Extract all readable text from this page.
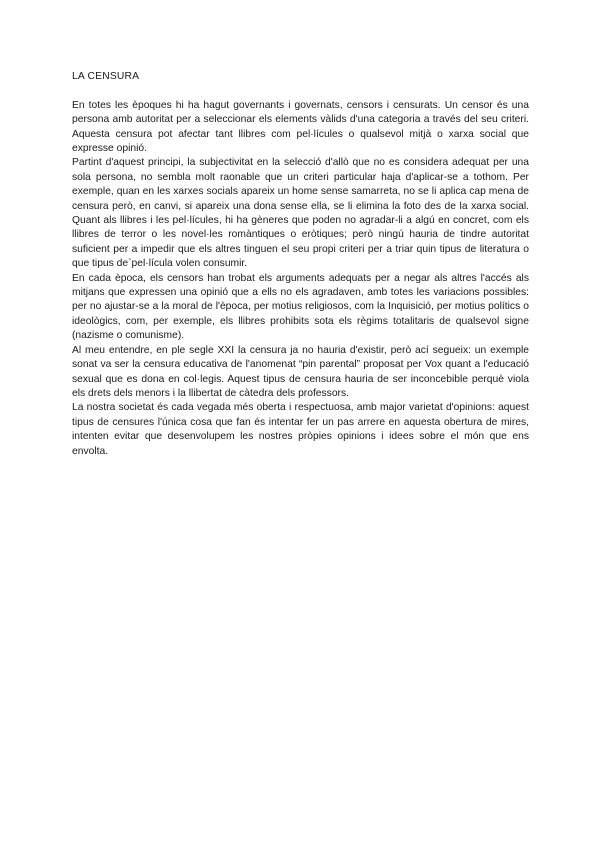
LA CENSURA

En totes les èpoques hi ha hagut governants i governats, censors i censurats. Un censor és una persona amb autoritat per a seleccionar els elements vàlids d'una categoria a través del seu criteri. Aquesta censura pot afectar tant llibres com pel·lícules o qualsevol mitjà o xarxa social que expresse opinió.

Partint d'aquest principi, la subjectivitat en la selecció d'allò que no es considera adequat per una sola persona, no sembla molt raonable que un criteri particular haja d'aplicar-se a tothom. Per exemple, quan en les xarxes socials apareix un home sense samarreta, no se li aplica cap mena de censura però, en canvi, si apareix una dona sense ella, se li elimina la foto des de la xarxa social. Quant als llibres i les pel·lícules, hi ha gèneres que poden no agradar-li a algú en concret, com els llibres de terror o les novel·les romàntiques o eròtiques; però ningú hauria de tindre autoritat suficient per a impedir que els altres tinguen el seu propi criteri per a triar quin tipus de literatura o que tipus de`pel·lícula volen consumir.

En cada època, els censors han trobat els arguments adequats per a negar als altres l'accés als mitjans que expressen una opinió que a ells no els agradaven, amb totes les variacions possibles: per no ajustar-se a la moral de l'època, per motius religiosos, com la Inquisició, per motius polítics o ideològics, com, per exemple, els llibres prohibits sota els règims totalitaris de qualsevol signe (nazisme o comunisme).

Al meu entendre, en ple segle XXI la censura ja no hauria d'existir, però ací segueix: un exemple sonat va ser la censura educativa de l'anomenat “pin parental” proposat per Vox quant a l'educació sexual que es dona en col·legis. Aquest tipus de censura hauria de ser inconcebible perquè viola els drets dels menors i la llibertat de càtedra dels professors.

La nostra societat és cada vegada més oberta i respectuosa, amb major varietat d'opinions: aquest tipus de censures l'única cosa que fan és intentar fer un pas arrere en aquesta obertura de mires, intenten evitar que desenvolupem les nostres pròpies opinions i idees sobre el món que ens envolta.
